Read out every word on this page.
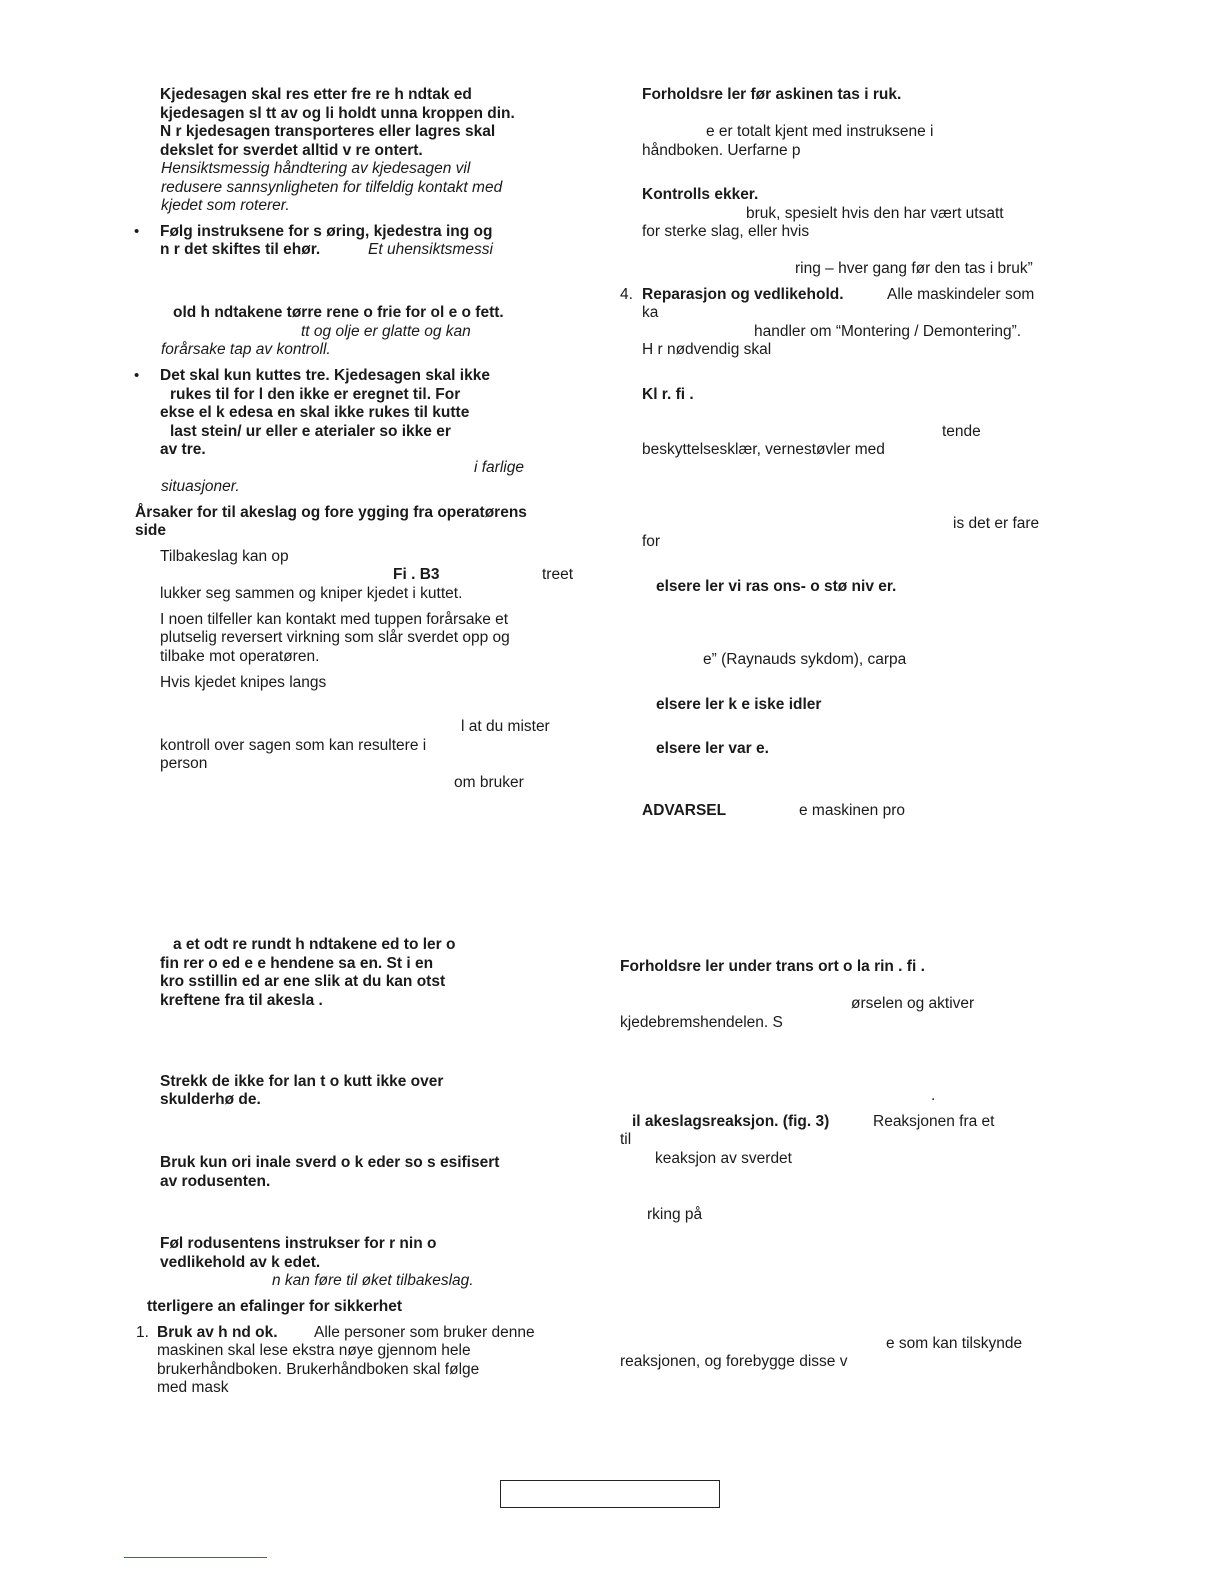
Kjedesagen skal res etter fre re h ndtak ed
kjedesagen sl tt av og li holdt unna kroppen din.
N r kjedesagen transporteres eller lagres skal
dekslet for sverdet alltid v re ontert.
Hensiktsmessig håndtering av kjedesagen vil
redusere sannsynligheten for tilfeldig kontakt med
kjedet som roterer.
• Følg instruksene for s øring, kjedestra ing og
n r det skiftes til ehør.	Et uhensiktsmessi
old h ndtakene tørre rene o frie for ol e o fett.
tt og olje er glatte og kan
forårsake tap av kontroll.
• Det skal kun kuttes tre. Kjedesagen skal ikke
rukes til for l den ikke er eregnet til. For
ekse el k edesa en skal ikke rukes til kutte
last stein/ ur eller e aterialer so ikke er
av tre.
i farlige
situasjoner.
Årsaker for til akeslag og fore ygging fra operatørens
side
Tilbakeslag kan op
Fi . B3	treet
lukker seg sammen og kniper kjedet i kuttet.
I noen tilfeller kan kontakt med tuppen forårsake et
plutselig reversert virkning som slår sverdet opp og
tilbake mot operatøren.
Hvis kjedet knipes langs
l at du mister
kontroll over sagen som kan resultere i
person
om bruker
a et odt re rundt h ndtakene ed to ler o
fin rer o ed e e hendene sa en. St i en
kro sstillin ed ar ene slik at du kan otst
kreftene fra til akesla .
Strekk de ikke for lan t o kutt ikke over
skulderhø de.
Bruk kun ori inale sverd o k eder so s esifisert
av rodusenten.
Føl rodusentens instrukser for r nin o
vedlikehold av k edet.
n kan føre til øket tilbakeslag.
tterligere an efalinger for sikkerhet
1. Bruk av h nd ok. Alle personer som bruker denne
maskinen skal lese ekstra nøye gjennom hele
brukerhåndboken. Brukerhåndboken skal følge
med mask
Forholdsre ler før askinen tas i ruk.
e er totalt kjent med instruksene i
håndboken. Uerfarne p
Kontrolls ekker.
bruk, spesielt hvis den har vært utsatt
for sterke slag, eller hvis
ring – hver gang før den tas i bruk”
4. Reparasjon og vedlikehold.	Alle maskindeler som
ka
handler om “Montering / Demontering”.
H r nødvendig skal
Kl r. fi .
tende
beskyttelsesklær, vernestøvler med
is det er fare
for
elsere ler vi ras ons- o stø niv er.
e” (Raynauds sykdom), carpa
elsere ler k e iske idler
elsere ler var e.
ADVARSEL	e maskinen pro
Forholdsre ler under trans ort o la rin . fi .
ørselen og aktiver
kjedebremshendelen. S
.
il akeslagsreaksjon. (fig. 3)	Reaksjonen fra et
til
keaksjon av sverdet
rking på
e som kan tilskynde
reaksjonen, og forebygge disse v
